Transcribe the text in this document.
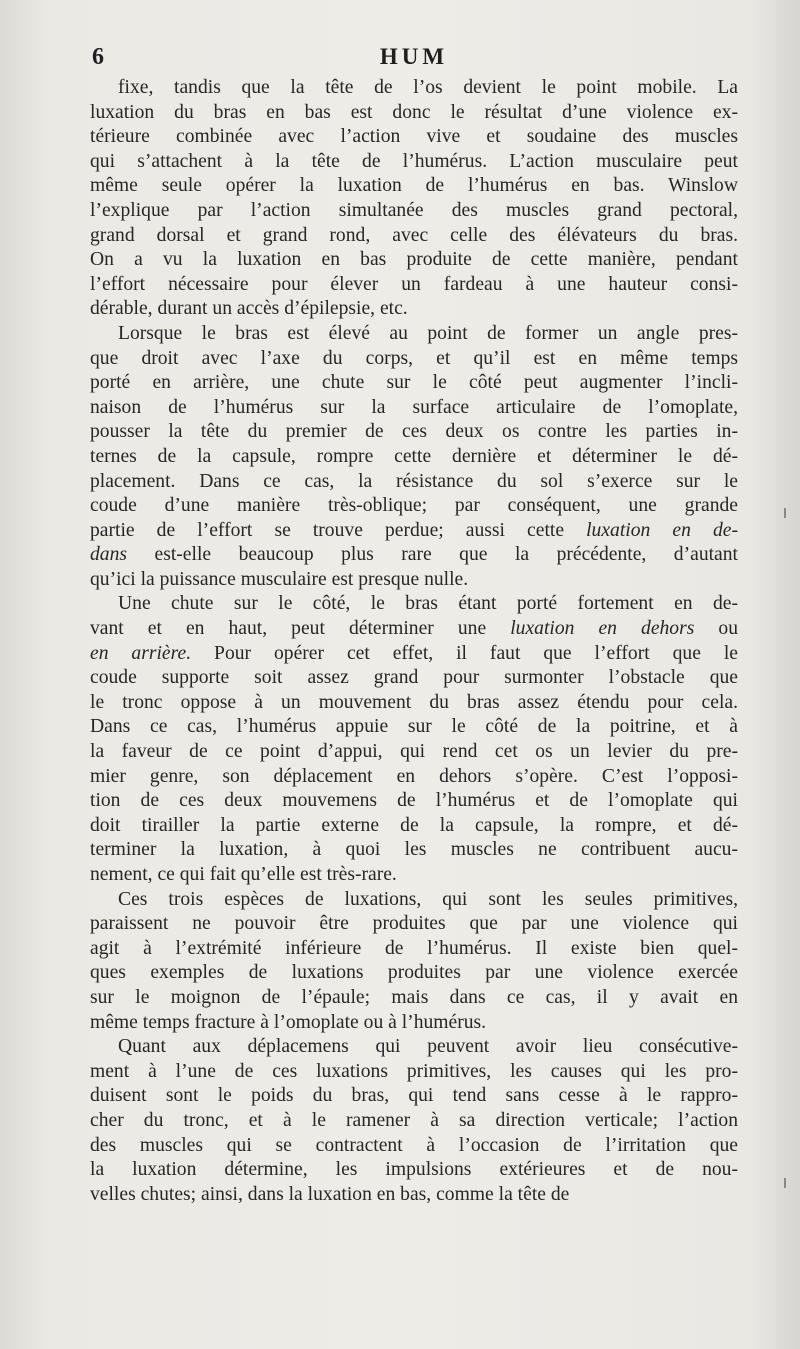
6	HUM
fixe, tandis que la tête de l’os devient le point mobile. La
luxation du bras en bas est donc le résultat d’une violence ex-
térieure combinée avec l’action vive et soudaine des muscles
qui s’attachent à la tête de l’humérus. L’action musculaire peut
même seule opérer la luxation de l’humérus en bas. Winslow
l’explique par l’action simultanée des muscles grand pectoral,
grand dorsal et grand rond, avec celle des élévateurs du bras.
On a vu la luxation en bas produite de cette manière, pendant
l’effort nécessaire pour élever un fardeau à une hauteur consi-
dérable, durant un accès d’épilepsie, etc.
Lorsque le bras est élevé au point de former un angle pres-
que droit avec l’axe du corps, et qu’il est en même temps
porté en arrière, une chute sur le côté peut augmenter l’incli-
naison de l’humérus sur la surface articulaire de l’omoplate,
pousser la tête du premier de ces deux os contre les parties in-
ternes de la capsule, rompre cette dernière et déterminer le dé-
placement. Dans ce cas, la résistance du sol s’exerce sur le
coude d’une manière très-oblique; par conséquent, une grande
partie de l’effort se trouve perdue; aussi cette luxation en de-
dans est-elle beaucoup plus rare que la précédente, d’autant
qu’ici la puissance musculaire est presque nulle.
Une chute sur le côté, le bras étant porté fortement en de-
vant et en haut, peut déterminer une luxation en dehors ou
en arrière. Pour opérer cet effet, il faut que l’effort que le
coude supporte soit assez grand pour surmonter l’obstacle que
le tronc oppose à un mouvement du bras assez étendu pour cela.
Dans ce cas, l’humérus appuie sur le côté de la poitrine, et à
la faveur de ce point d’appui, qui rend cet os un levier du pre-
mier genre, son déplacement en dehors s’opère. C’est l’opposi-
tion de ces deux mouvemens de l’humérus et de l’omoplate qui
doit tirailler la partie externe de la capsule, la rompre, et dé-
terminer la luxation, à quoi les muscles ne contribuent aucu-
nement, ce qui fait qu’elle est très-rare.
Ces trois espèces de luxations, qui sont les seules primitives,
paraissent ne pouvoir être produites que par une violence qui
agit à l’extrémité inférieure de l’humérus. Il existe bien quel-
ques exemples de luxations produites par une violence exercée
sur le moignon de l’épaule; mais dans ce cas, il y avait en
même temps fracture à l’omoplate ou à l’humérus.
Quant aux déplacemens qui peuvent avoir lieu consécutive-
ment à l’une de ces luxations primitives, les causes qui les pro-
duisent sont le poids du bras, qui tend sans cesse à le rappro-
cher du tronc, et à le ramener à sa direction verticale; l’action
des muscles qui se contractent à l’occasion de l’irritation que
la luxation détermine, les impulsions extérieures et de nou-
velles chutes; ainsi, dans la luxation en bas, comme la tête de
